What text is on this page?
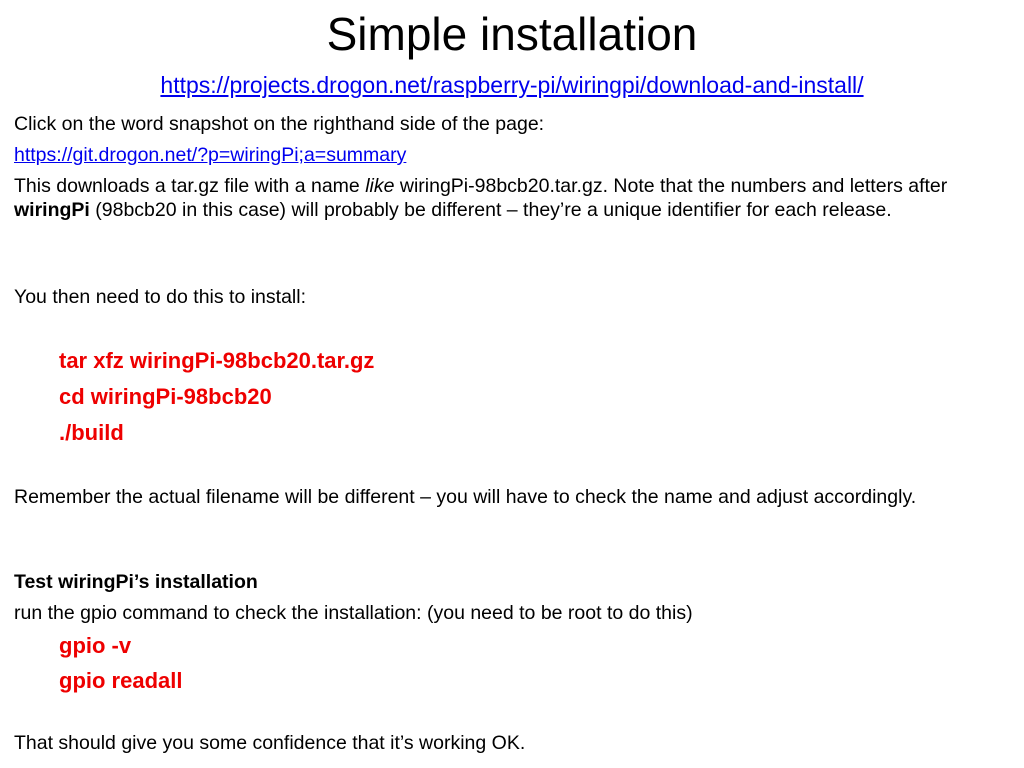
Simple installation
https://projects.drogon.net/raspberry-pi/wiringpi/download-and-install/
Click on the word snapshot on the righthand side of the page:
https://git.drogon.net/?p=wiringPi;a=summary
This downloads a tar.gz file with a name like wiringPi-98bcb20.tar.gz. Note that the numbers and letters after wiringPi (98bcb20 in this case) will probably be different – they’re a unique identifier for each release.
You then need to do this to install:
tar xfz wiringPi-98bcb20.tar.gz
cd wiringPi-98bcb20
./build
Remember the actual filename will be different – you will have to check the name and adjust accordingly.
Test wiringPi’s installation
run the gpio command to check the installation: (you need to be root to do this)
gpio -v
gpio readall
That should give you some confidence that it’s working OK.
